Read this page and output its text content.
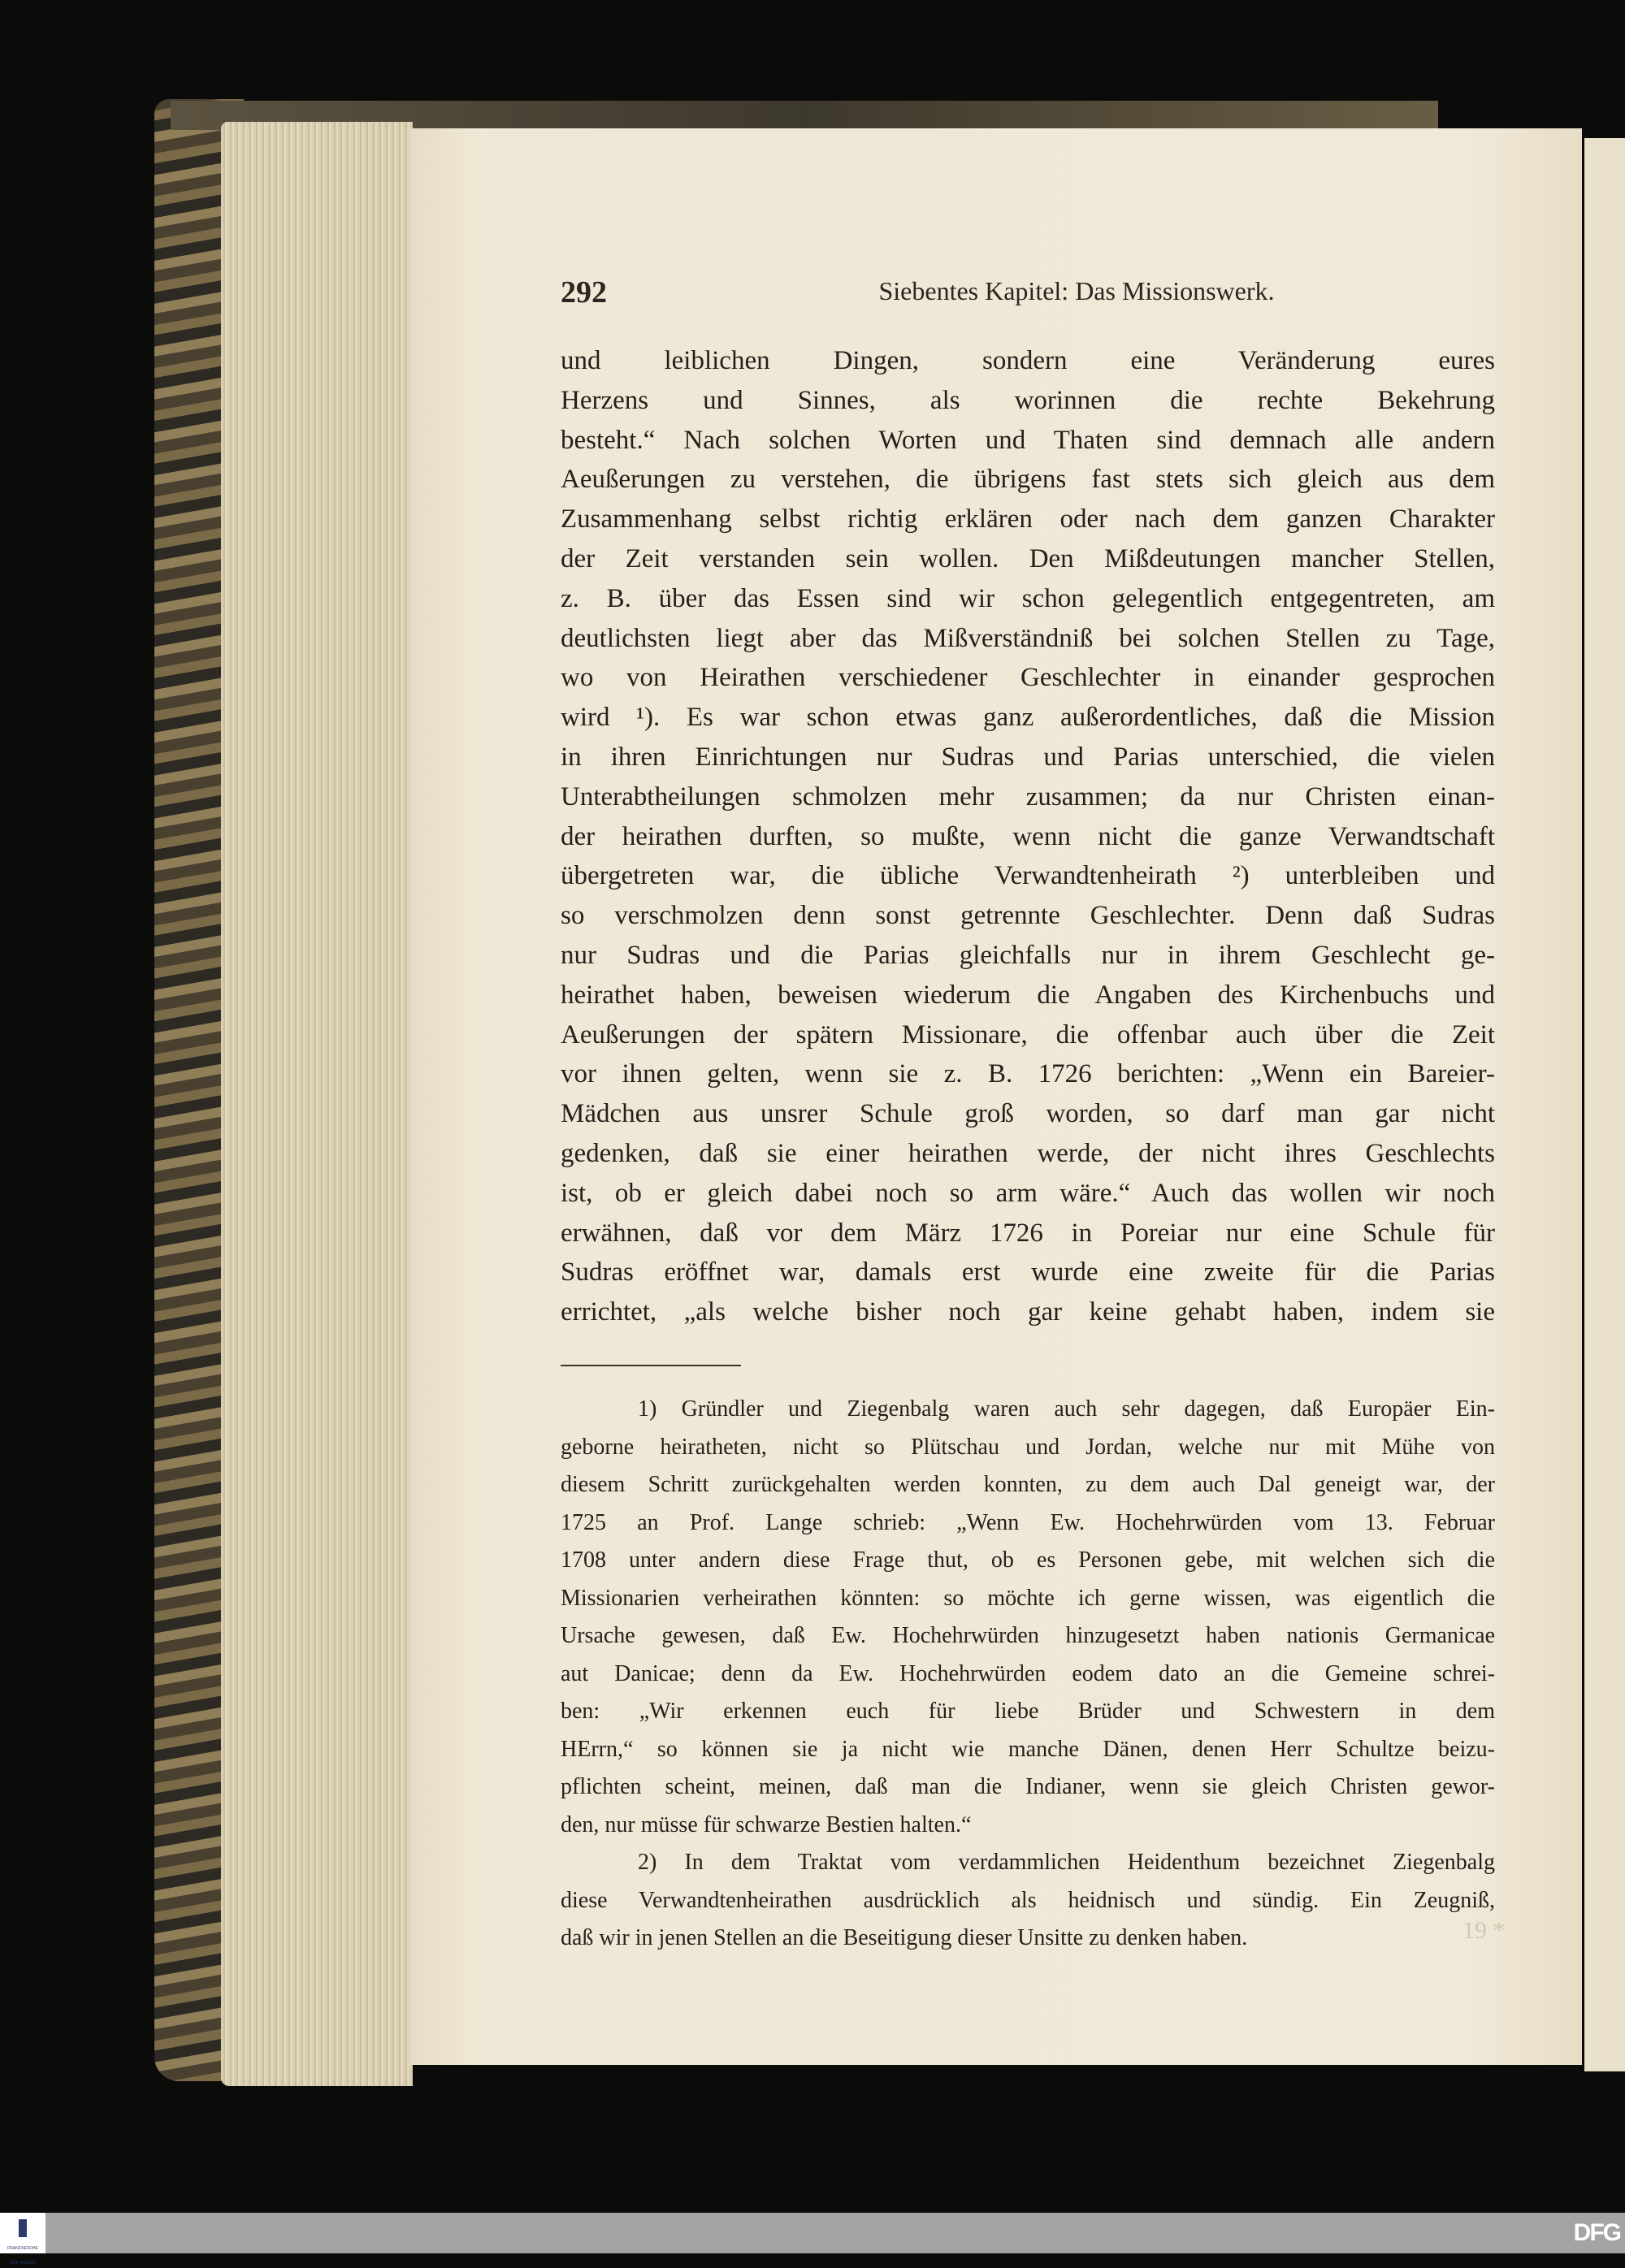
292	Siebentes Kapitel: Das Missionswerk.
und leiblichen Dingen, sondern eine Veränderung eures
Herzens und Sinnes, als worinnen die rechte Bekehrung
besteht.“ Nach solchen Worten und Thaten sind demnach alle andern
Aeußerungen zu verstehen, die übrigens fast stets sich gleich aus dem
Zusammenhang selbst richtig erklären oder nach dem ganzen Charakter
der Zeit verstanden sein wollen. Den Mißdeutungen mancher Stellen,
z. B. über das Essen sind wir schon gelegentlich entgegentreten, am
deutlichsten liegt aber das Mißverständniß bei solchen Stellen zu Tage,
wo von Heirathen verschiedener Geschlechter in einander gesprochen
wird ¹). Es war schon etwas ganz außerordentliches, daß die Mission
in ihren Einrichtungen nur Sudras und Parias unterschied, die vielen
Unterabtheilungen schmolzen mehr zusammen; da nur Christen einan-
der heirathen durften, so mußte, wenn nicht die ganze Verwandtschaft
übergetreten war, die übliche Verwandtenheirath ²) unterbleiben und
so verschmolzen denn sonst getrennte Geschlechter. Denn daß Sudras
nur Sudras und die Parias gleichfalls nur in ihrem Geschlecht ge-
heirathet haben, beweisen wiederum die Angaben des Kirchenbuchs und
Aeußerungen der spätern Missionare, die offenbar auch über die Zeit
vor ihnen gelten, wenn sie z. B. 1726 berichten: „Wenn ein Bareier-
Mädchen aus unsrer Schule groß worden, so darf man gar nicht
gedenken, daß sie einer heirathen werde, der nicht ihres Geschlechts
ist, ob er gleich dabei noch so arm wäre.“ Auch das wollen wir noch
erwähnen, daß vor dem März 1726 in Poreiar nur eine Schule für
Sudras eröffnet war, damals erst wurde eine zweite für die Parias
errichtet, „als welche bisher noch gar keine gehabt haben, indem sie
1) Gründler und Ziegenbalg waren auch sehr dagegen, daß Europäer Ein-
geborne heiratheten, nicht so Plütschau und Jordan, welche nur mit Mühe von
diesem Schritt zurückgehalten werden konnten, zu dem auch Dal geneigt war, der
1725 an Prof. Lange schrieb: „Wenn Ew. Hochehrwürden vom 13. Februar
1708 unter andern diese Frage thut, ob es Personen gebe, mit welchen sich die
Missionarien verheirathen könnten: so möchte ich gerne wissen, was eigentlich die
Ursache gewesen, daß Ew. Hochehrwürden hinzugesetzt haben nationis Germanicae
aut Danicae; denn da Ew. Hochehrwürden eodem dato an die Gemeine schrei-
ben: „Wir erkennen euch für liebe Brüder und Schwestern in dem
HErrn,“ so können sie ja nicht wie manche Dänen, denen Herr Schultze beizu-
pflichten scheint, meinen, daß man die Indianer, wenn sie gleich Christen gewor-
den, nur müsse für schwarze Bestien halten.“
2) In dem Traktat vom verdammlichen Heidenthum bezeichnet Ziegenbalg
diese Verwandtenheirathen ausdrücklich als heidnisch und sündig. Ein Zeugniß,
daß wir in jenen Stellen an die Beseitigung dieser Unsitte zu denken haben.	19 *
FRANCKESCHE STIFTUNGEN
DFG
